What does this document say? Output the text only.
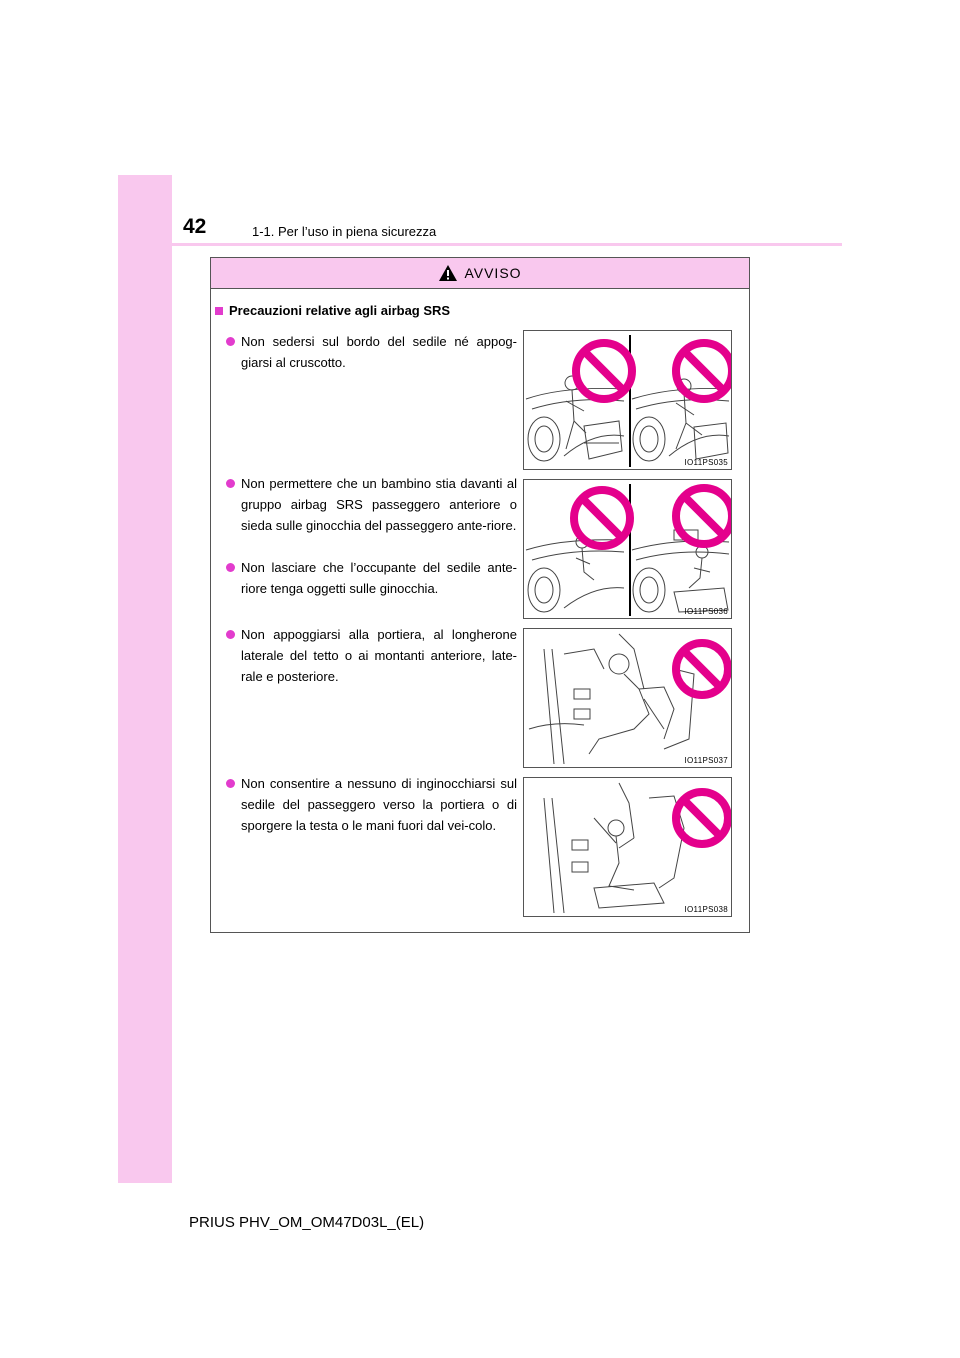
42	1-1. Per l’uso in piena sicurezza
AVVISO
Precauzioni relative agli airbag SRS
Non sedersi sul bordo del sedile né appog-giarsi al cruscotto.
Non permettere che un bambino stia davanti al gruppo airbag SRS passeggero anteriore o sieda sulle ginocchia del passeggero ante-riore.
Non lasciare che l’occupante del sedile ante-riore tenga oggetti sulle ginocchia.
Non appoggiarsi alla portiera, al longherone laterale del tetto o ai montanti anteriore, late-rale e posteriore.
Non consentire a nessuno di inginocchiarsi sul sedile del passeggero verso la portiera o di sporgere la testa o le mani fuori dal vei-colo.
IO11PS035
IO11PS036
IO11PS037
IO11PS038
PRIUS PHV_OM_OM47D03L_(EL)
